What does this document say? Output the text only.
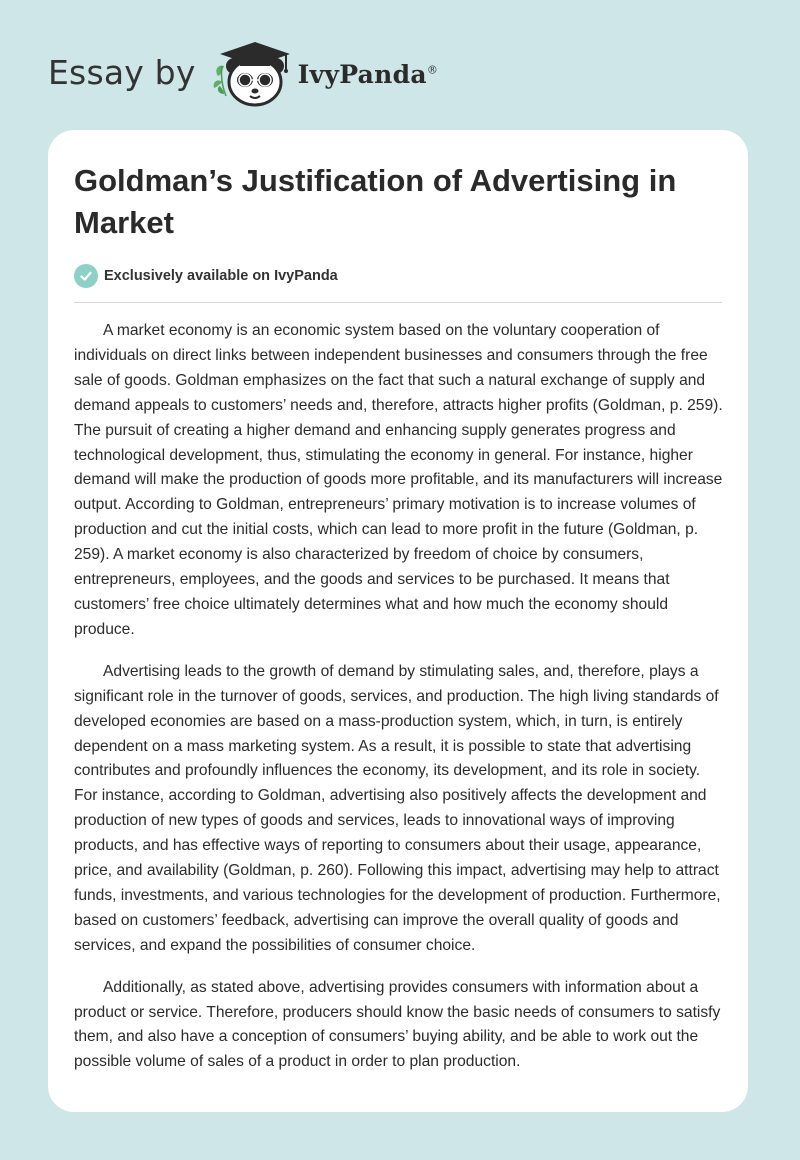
Essay by	IvyPanda®
Goldman’s Justification of Advertising in Market
Exclusively available on IvyPanda

A market economy is an economic system based on the voluntary cooperation of individuals on direct links between independent businesses and consumers through the free sale of goods. Goldman emphasizes on the fact that such a natural exchange of supply and demand appeals to customers’ needs and, therefore, attracts higher profits (Goldman, p. 259). The pursuit of creating a higher demand and enhancing supply generates progress and technological development, thus, stimulating the economy in general. For instance, higher demand will make the production of goods more profitable, and its manufacturers will increase output. According to Goldman, entrepreneurs’ primary motivation is to increase volumes of production and cut the initial costs, which can lead to more profit in the future (Goldman, p. 259). A market economy is also characterized by freedom of choice by consumers, entrepreneurs, employees, and the goods and services to be purchased. It means that customers’ free choice ultimately determines what and how much the economy should produce.

Advertising leads to the growth of demand by stimulating sales, and, therefore, plays a significant role in the turnover of goods, services, and production. The high living standards of developed economies are based on a mass-production system, which, in turn, is entirely dependent on a mass marketing system. As a result, it is possible to state that advertising contributes and profoundly influences the economy, its development, and its role in society. For instance, according to Goldman, advertising also positively affects the development and production of new types of goods and services, leads to innovational ways of improving products, and has effective ways of reporting to consumers about their usage, appearance, price, and availability (Goldman, p. 260). Following this impact, advertising may help to attract funds, investments, and various technologies for the development of production. Furthermore, based on customers’ feedback, advertising can improve the overall quality of goods and services, and expand the possibilities of consumer choice.

Additionally, as stated above, advertising provides consumers with information about a product or service. Therefore, producers should know the basic needs of consumers to satisfy them, and also have a conception of consumers’ buying ability, and be able to work out the possible volume of sales of a product in order to plan production.
